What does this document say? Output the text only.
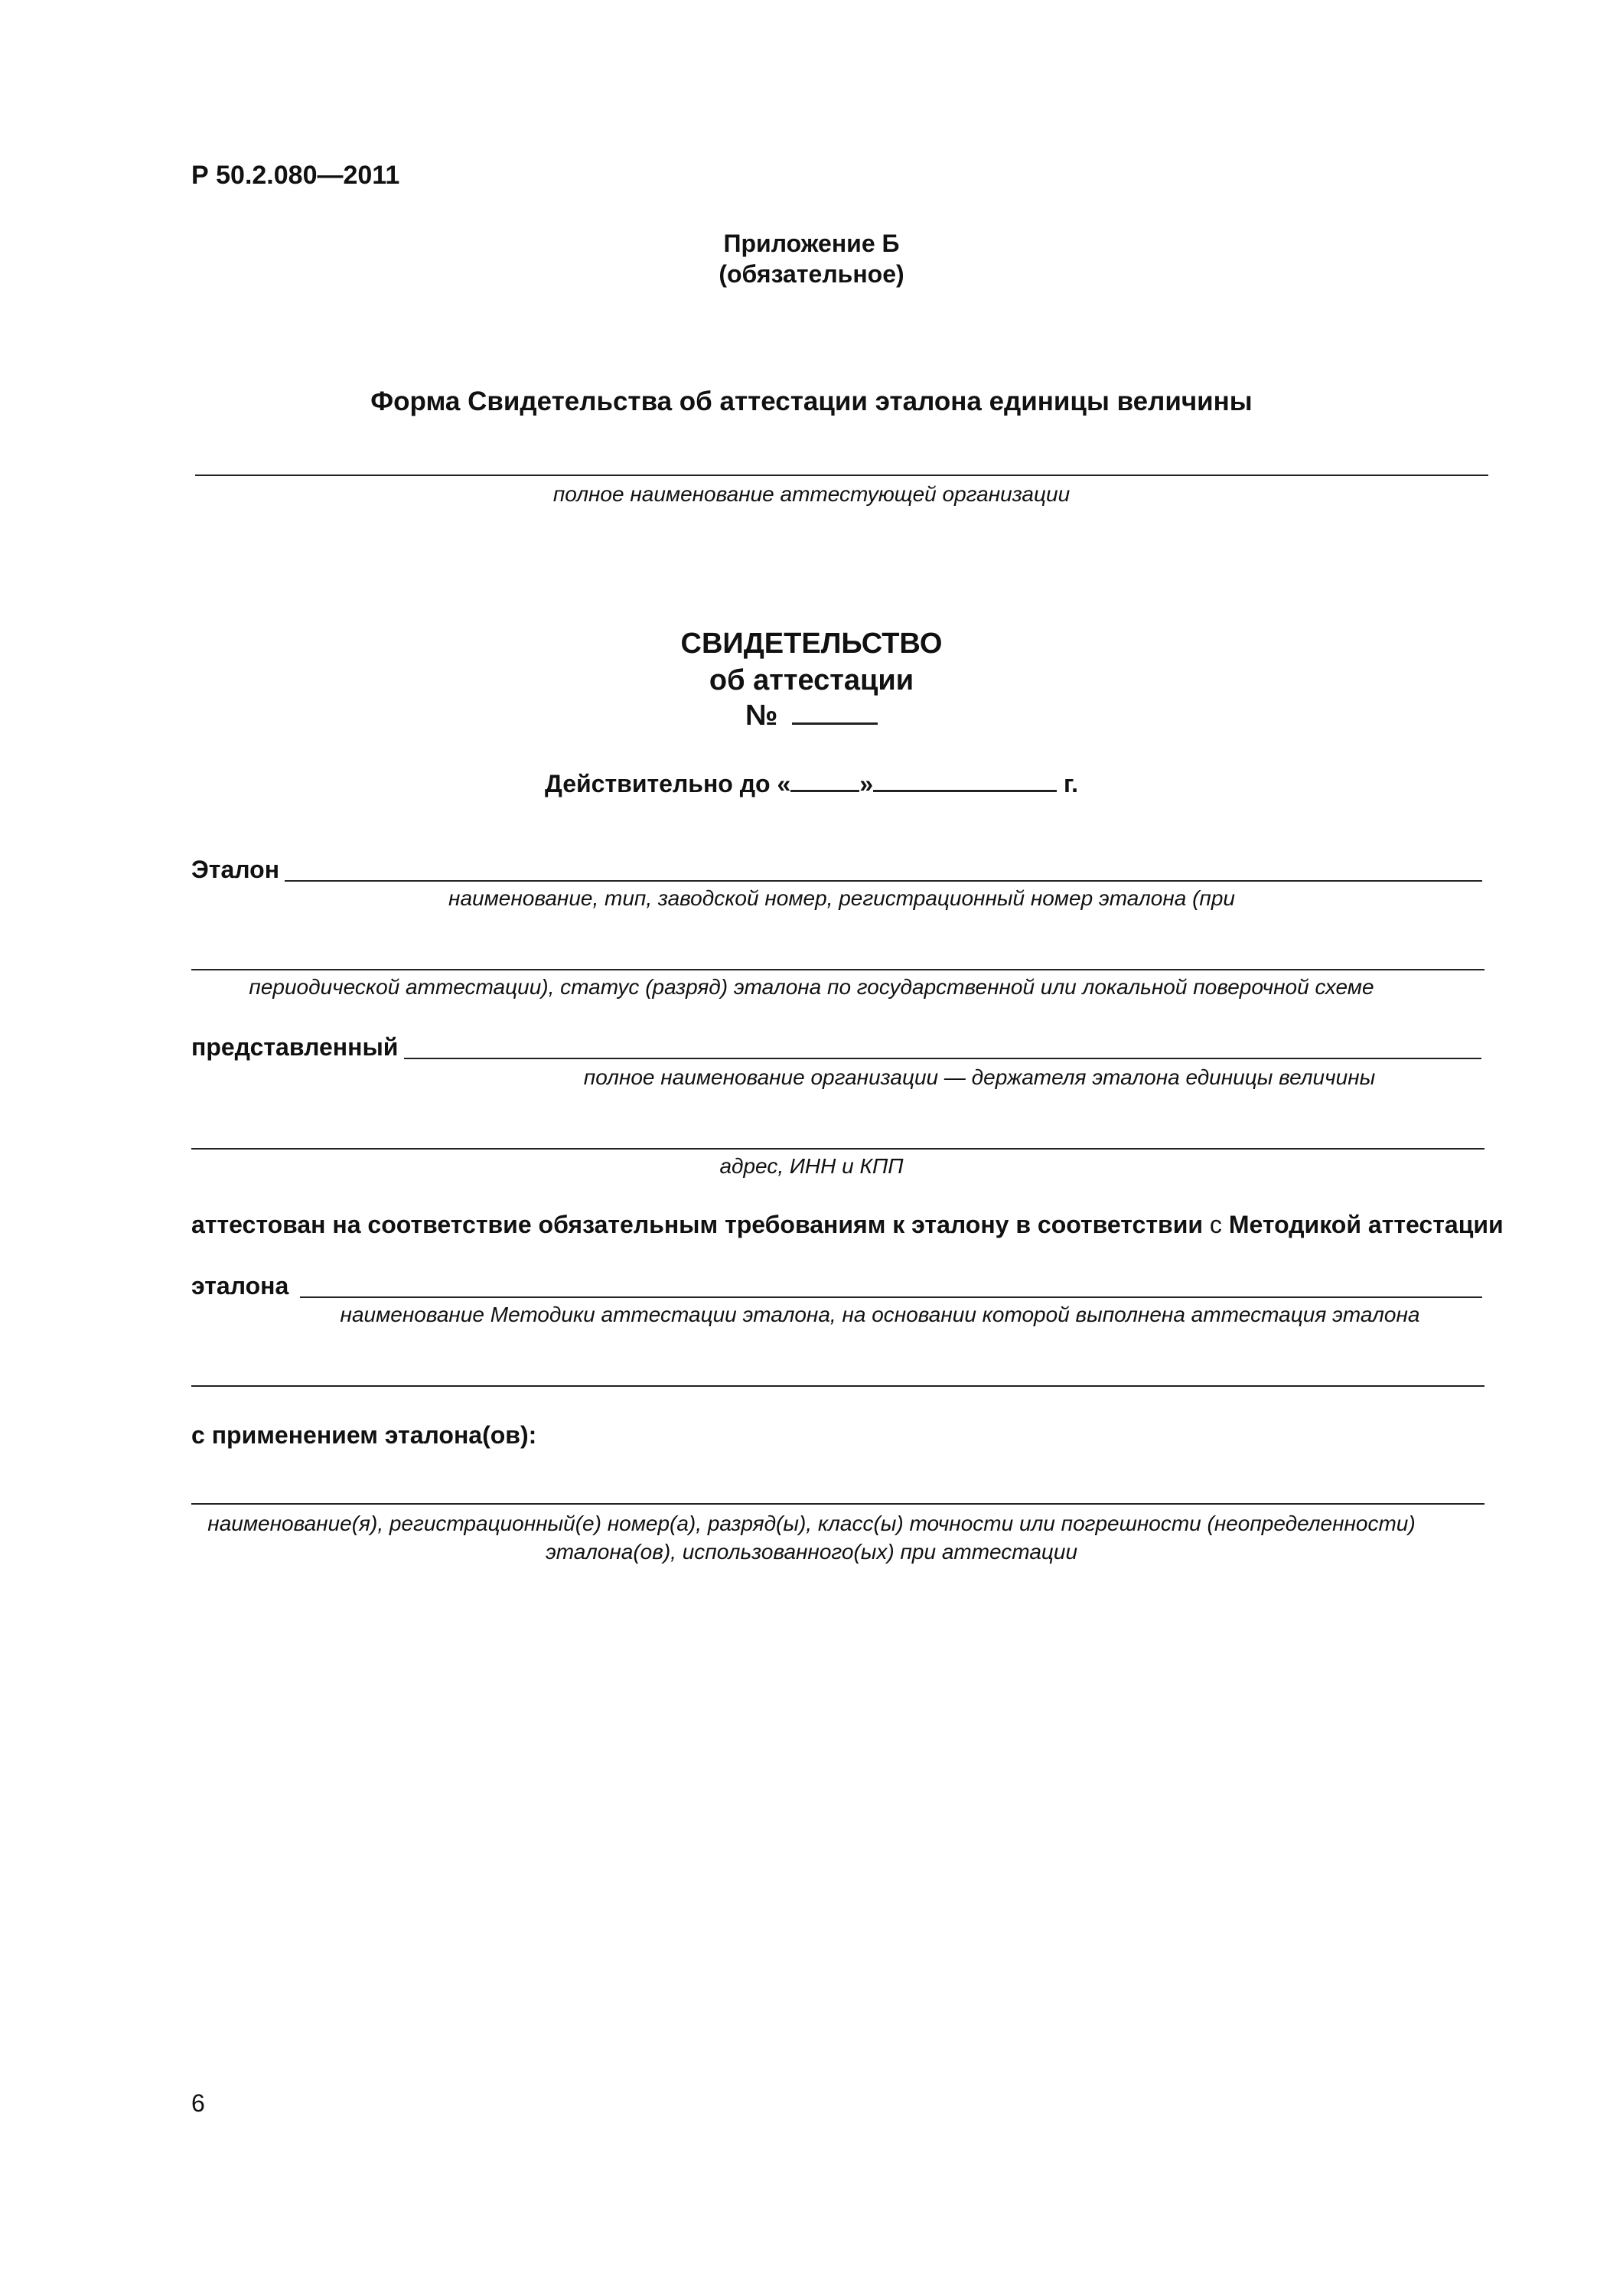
Р 50.2.080—2011
Приложение Б
(обязательное)
Форма Свидетельства об аттестации эталона единицы величины
полное наименование аттестующей организации
СВИДЕТЕЛЬСТВО
об аттестации
№
Действительно до «	»	г.
Эталон
наименование, тип, заводской номер, регистрационный номер эталона (при
периодической аттестации), статус (разряд) эталона по государственной или локальной поверочной схеме
представленный
полное наименование организации — держателя эталона единицы величины
адрес, ИНН и КПП
аттестован на соответствие обязательным требованиям к эталону в соответствии с Методикой аттестации
эталона
наименование Методики аттестации эталона, на основании которой выполнена аттестация эталона
с применением эталона(ов):
наименование(я), регистрационный(е) номер(а), разряд(ы), класс(ы) точности или погрешности (неопределенности)
эталона(ов), использованного(ых) при аттестации
6
